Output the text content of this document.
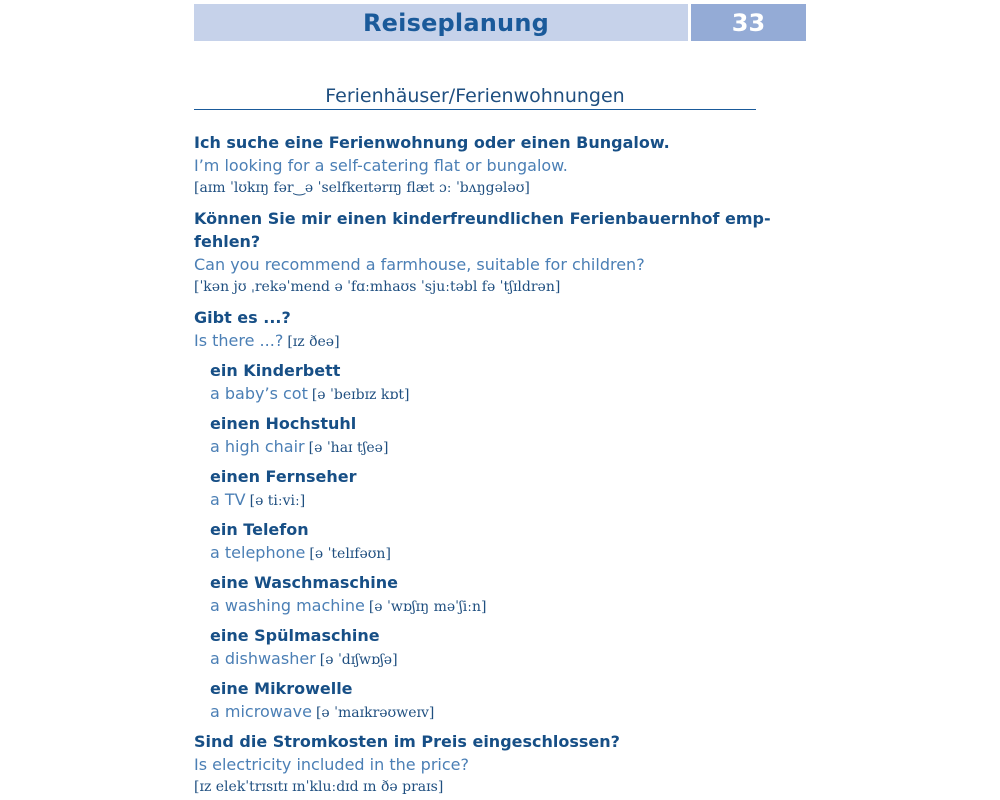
Reiseplanung	33
Ferienhäuser/Ferienwohnungen
Ich suche eine Ferienwohnung oder einen Bungalow.
I’m looking for a self-catering flat or bungalow.
[aɪm ˈlʊkɪŋ fər‿ə ˈselfkeɪtərɪŋ flæt ɔː ˈbʌŋgələʊ]
Können Sie mir einen kinderfreundlichen Ferienbauernhof emp-
fehlen?
Can you recommend a farmhouse, suitable for children?
[ˈkən jʊ ˌrekəˈmend ə ˈfɑːmhaʊs ˈsjuːtəbl fə ˈtʃɪldrən]
Gibt es ...?
Is there ...? [ɪz ðeə]
ein Kinderbett
a baby’s cot [ə ˈbeɪbɪz kɒt]
einen Hochstuhl
a high chair [ə ˈhaɪ tʃeə]
einen Fernseher
a TV [ə tiːviː]
ein Telefon
a telephone [ə ˈtelɪfəʊn]
eine Waschmaschine
a washing machine [ə ˈwɒʃɪŋ məˈʃiːn]
eine Spülmaschine
a dishwasher [ə ˈdɪʃwɒʃə]
eine Mikrowelle
a microwave [ə ˈmaɪkrəʊweɪv]
Sind die Stromkosten im Preis eingeschlossen?
Is electricity included in the price?
[ɪz elekˈtrɪsɪtɪ ɪnˈkluːdɪd ɪn ðə praɪs]
